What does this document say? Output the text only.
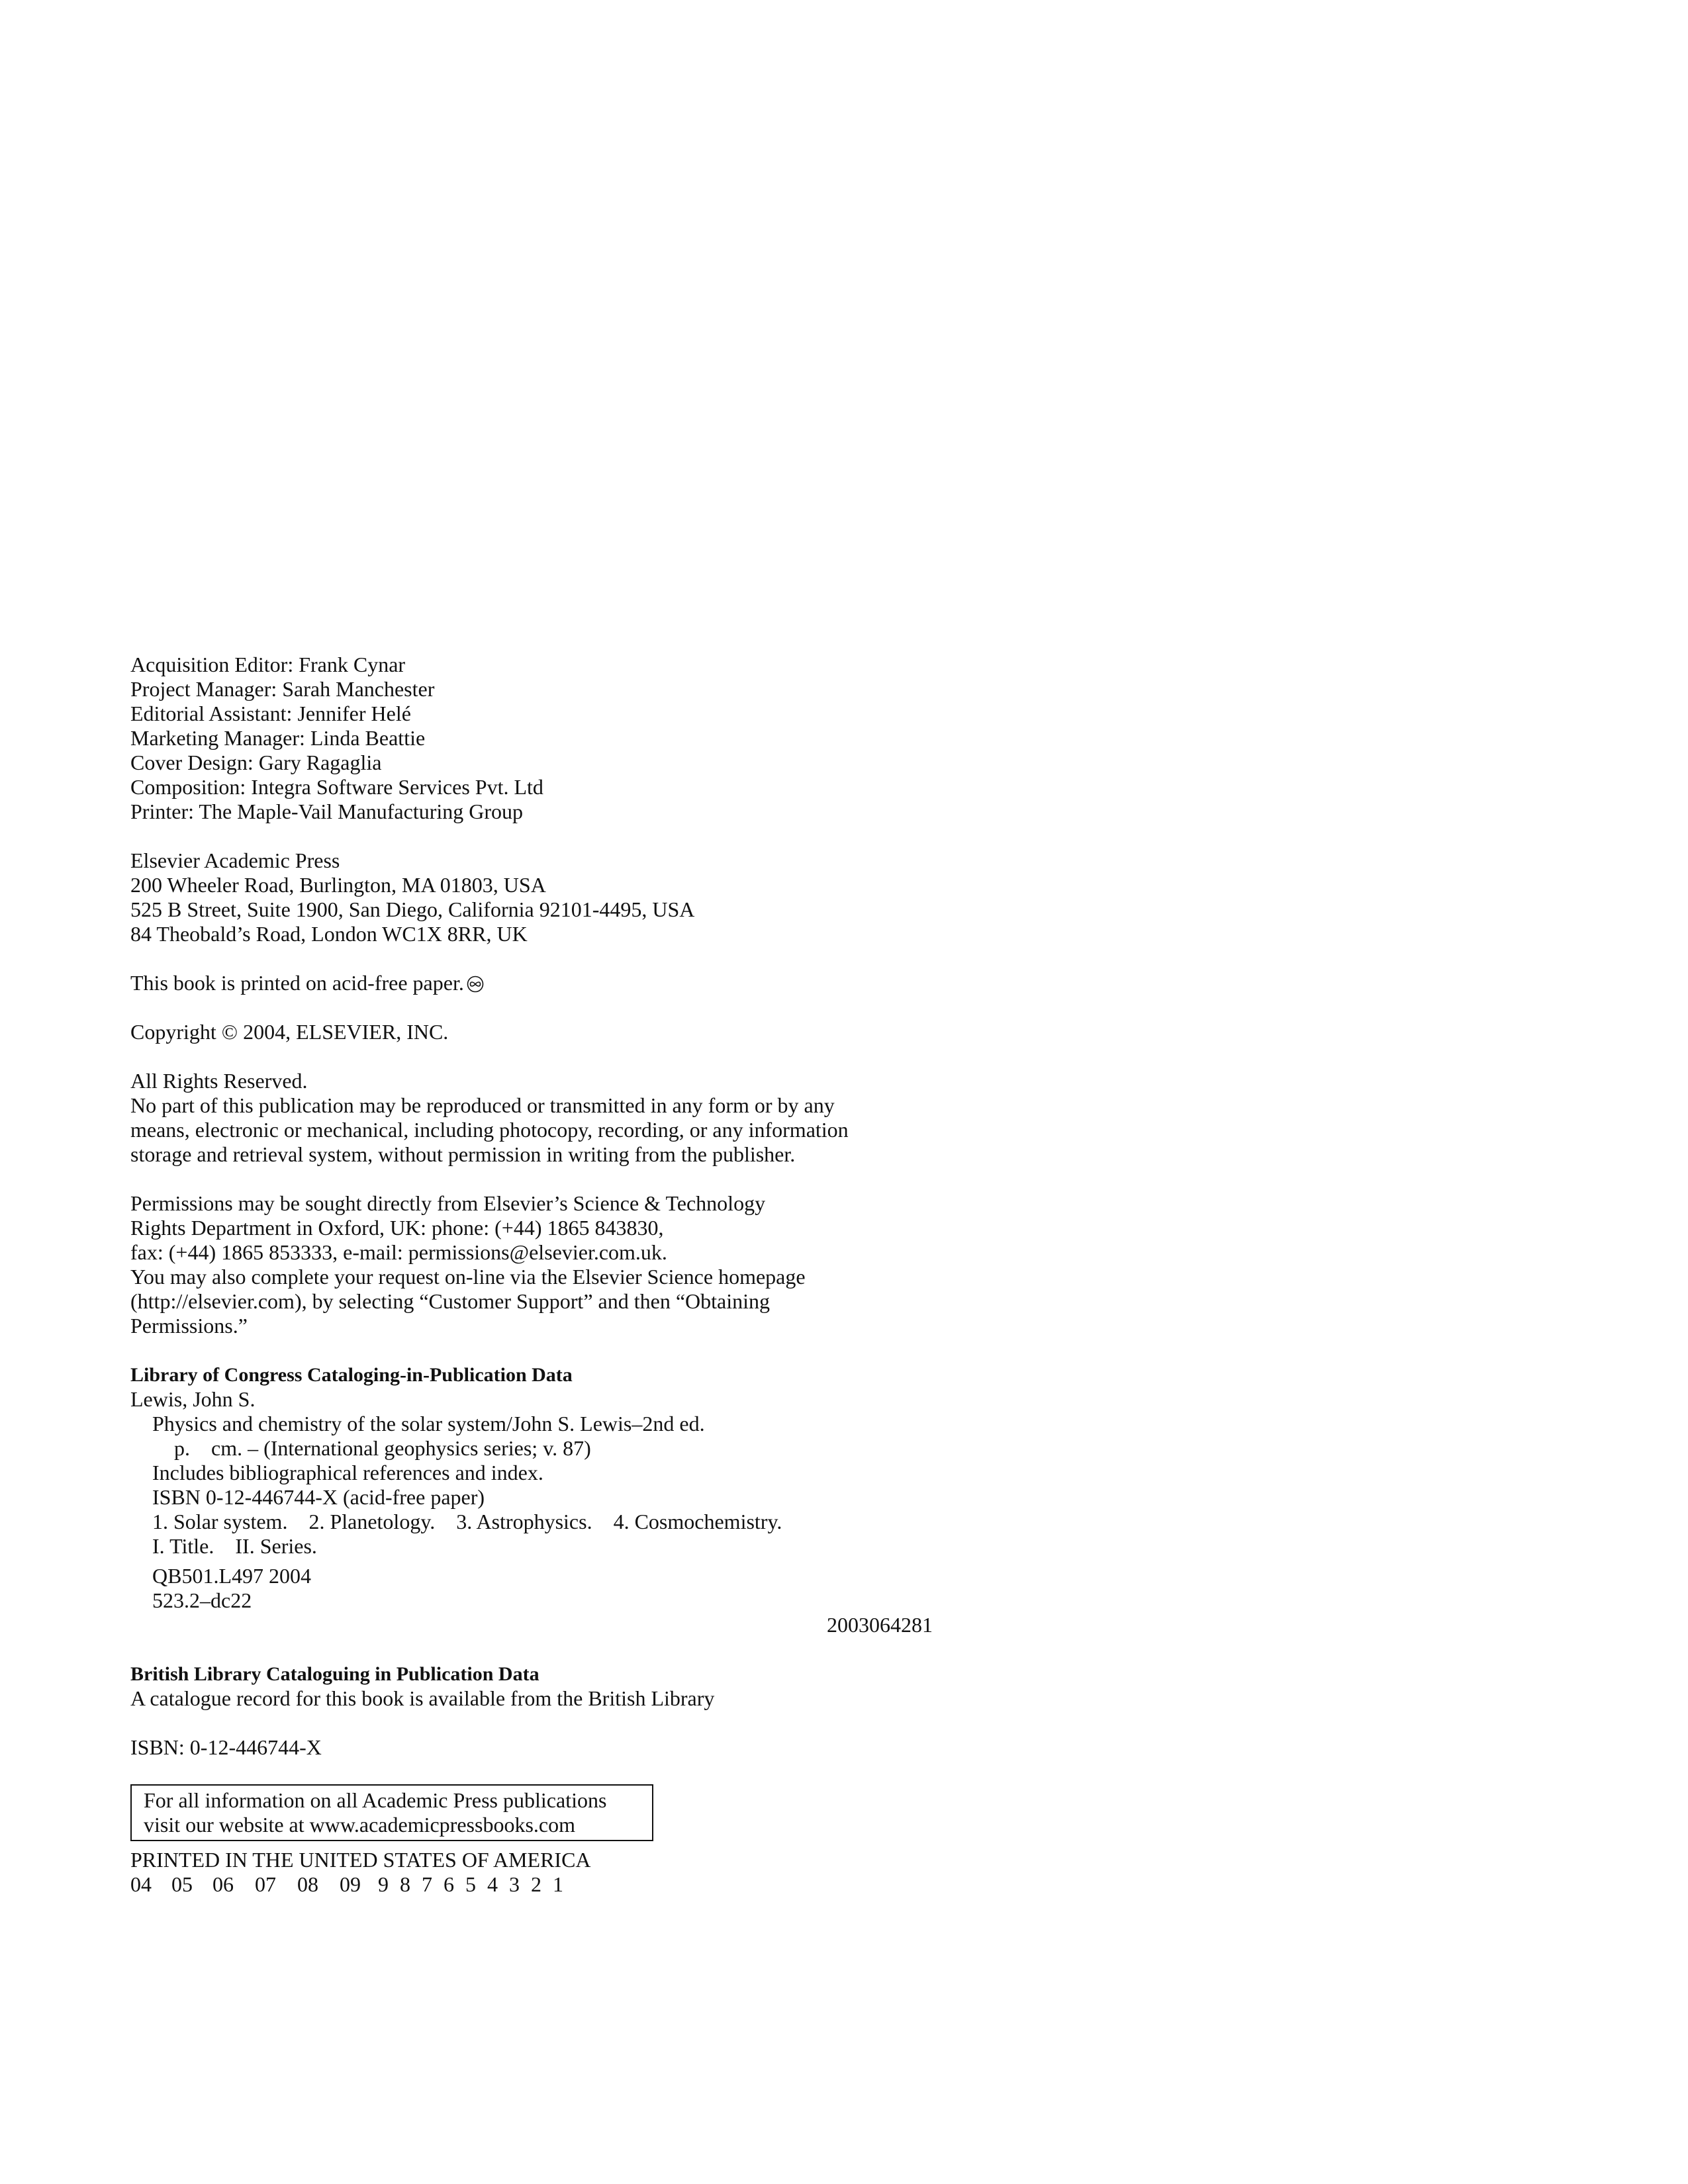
Acquisition Editor: Frank Cynar
Project Manager: Sarah Manchester
Editorial Assistant: Jennifer Helé
Marketing Manager: Linda Beattie
Cover Design: Gary Ragaglia
Composition: Integra Software Services Pvt. Ltd
Printer: The Maple-Vail Manufacturing Group
Elsevier Academic Press
200 Wheeler Road, Burlington, MA 01803, USA
525 B Street, Suite 1900, San Diego, California 92101-4495, USA
84 Theobald’s Road, London WC1X 8RR, UK
This book is printed on acid-free paper.
Copyright © 2004, ELSEVIER, INC.
All Rights Reserved.
No part of this publication may be reproduced or transmitted in any form or by any
means, electronic or mechanical, including photocopy, recording, or any information
storage and retrieval system, without permission in writing from the publisher.
Permissions may be sought directly from Elsevier’s Science & Technology
Rights Department in Oxford, UK: phone: (+44) 1865 843830,
fax: (+44) 1865 853333, e-mail: permissions@elsevier.com.uk.
You may also complete your request on-line via the Elsevier Science homepage
(http://elsevier.com), by selecting “Customer Support” and then “Obtaining
Permissions.”
Library of Congress Cataloging-in-Publication Data
Lewis, John S.
Physics and chemistry of the solar system/John S. Lewis–2nd ed.
p.    cm. – (International geophysics series; v. 87)
Includes bibliographical references and index.
ISBN 0-12-446744-X (acid-free paper)
1. Solar system.    2. Planetology.    3. Astrophysics.    4. Cosmochemistry.
I. Title.    II. Series.
QB501.L497 2004
523.2–dc22
2003064281
British Library Cataloguing in Publication Data
A catalogue record for this book is available from the British Library
ISBN: 0-12-446744-X
For all information on all Academic Press publications
visit our website at www.academicpressbooks.com
PRINTED IN THE UNITED STATES OF AMERICA
04 05 06 07 08 09 9 8 7 6 5 4 3 2 1
